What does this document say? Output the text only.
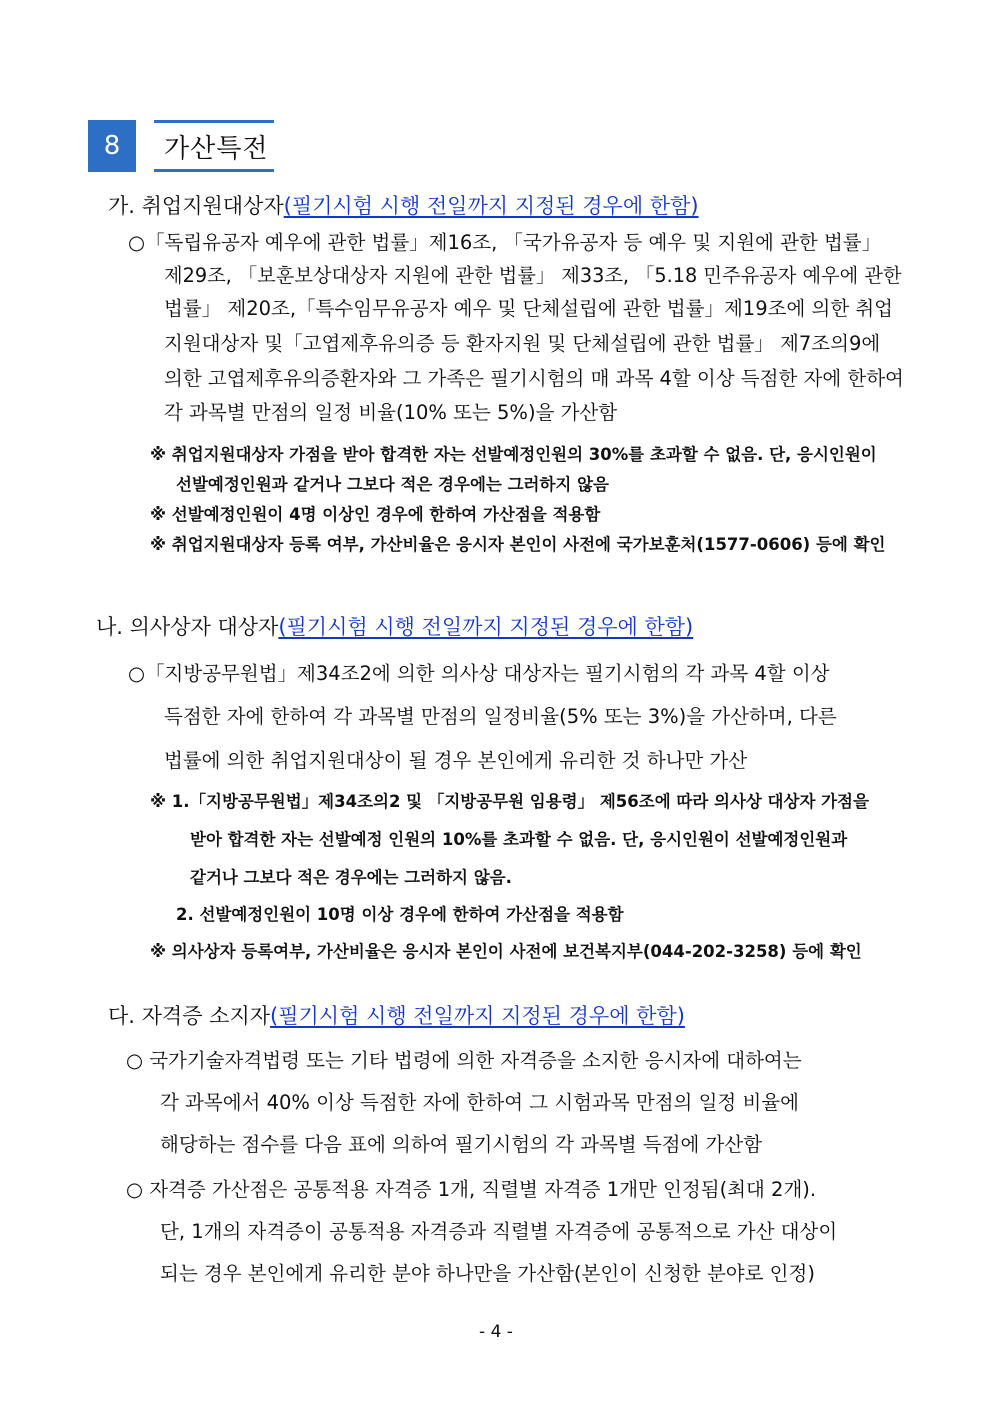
8	가산특전
가. 취업지원대상자(필기시험 시행 전일까지 지정된 경우에 한함)
○「독립유공자 예우에 관한 법률」제16조, 「국가유공자 등 예우 및 지원에 관한 법률」
제29조, 「보훈보상대상자 지원에 관한 법률」 제33조, 「5.18 민주유공자 예우에 관한
법률」 제20조,「특수임무유공자 예우 및 단체설립에 관한 법률」제19조에 의한 취업
지원대상자 및「고엽제후유의증 등 환자지원 및 단체설립에 관한 법률」 제7조의9에
의한 고엽제후유의증환자와 그 가족은 필기시험의 매 과목 4할 이상 득점한 자에 한하여
각 과목별 만점의 일정 비율(10% 또는 5%)을 가산함
※ 취업지원대상자 가점을 받아 합격한 자는 선발예정인원의 30%를 초과할 수 없음. 단, 응시인원이
선발예정인원과 같거나 그보다 적은 경우에는 그러하지 않음
※ 선발예정인원이 4명 이상인 경우에 한하여 가산점을 적용함
※ 취업지원대상자 등록 여부, 가산비율은 응시자 본인이 사전에 국가보훈처(1577-0606) 등에 확인
나. 의사상자 대상자(필기시험 시행 전일까지 지정된 경우에 한함)
○「지방공무원법」제34조2에 의한 의사상 대상자는 필기시험의 각 과목 4할 이상
득점한 자에 한하여 각 과목별 만점의 일정비율(5% 또는 3%)을 가산하며, 다른
법률에 의한 취업지원대상이 될 경우 본인에게 유리한 것 하나만 가산
※ 1.「지방공무원법」제34조의2 및 「지방공무원 임용령」 제56조에 따라 의사상 대상자 가점을
받아 합격한 자는 선발예정 인원의 10%를 초과할 수 없음. 단, 응시인원이 선발예정인원과
같거나 그보다 적은 경우에는 그러하지 않음.
2. 선발예정인원이 10명 이상 경우에 한하여 가산점을 적용함
※ 의사상자 등록여부, 가산비율은 응시자 본인이 사전에 보건복지부(044-202-3258) 등에 확인
다. 자격증 소지자(필기시험 시행 전일까지 지정된 경우에 한함)
○ 국가기술자격법령 또는 기타 법령에 의한 자격증을 소지한 응시자에 대하여는
각 과목에서 40% 이상 득점한 자에 한하여 그 시험과목 만점의 일정 비율에
해당하는 점수를 다음 표에 의하여 필기시험의 각 과목별 득점에 가산함
○ 자격증 가산점은 공통적용 자격증 1개, 직렬별 자격증 1개만 인정됨(최대 2개).
단, 1개의 자격증이 공통적용 자격증과 직렬별 자격증에 공통적으로 가산 대상이
되는 경우 본인에게 유리한 분야 하나만을 가산함(본인이 신청한 분야로 인정)
- 4 -
